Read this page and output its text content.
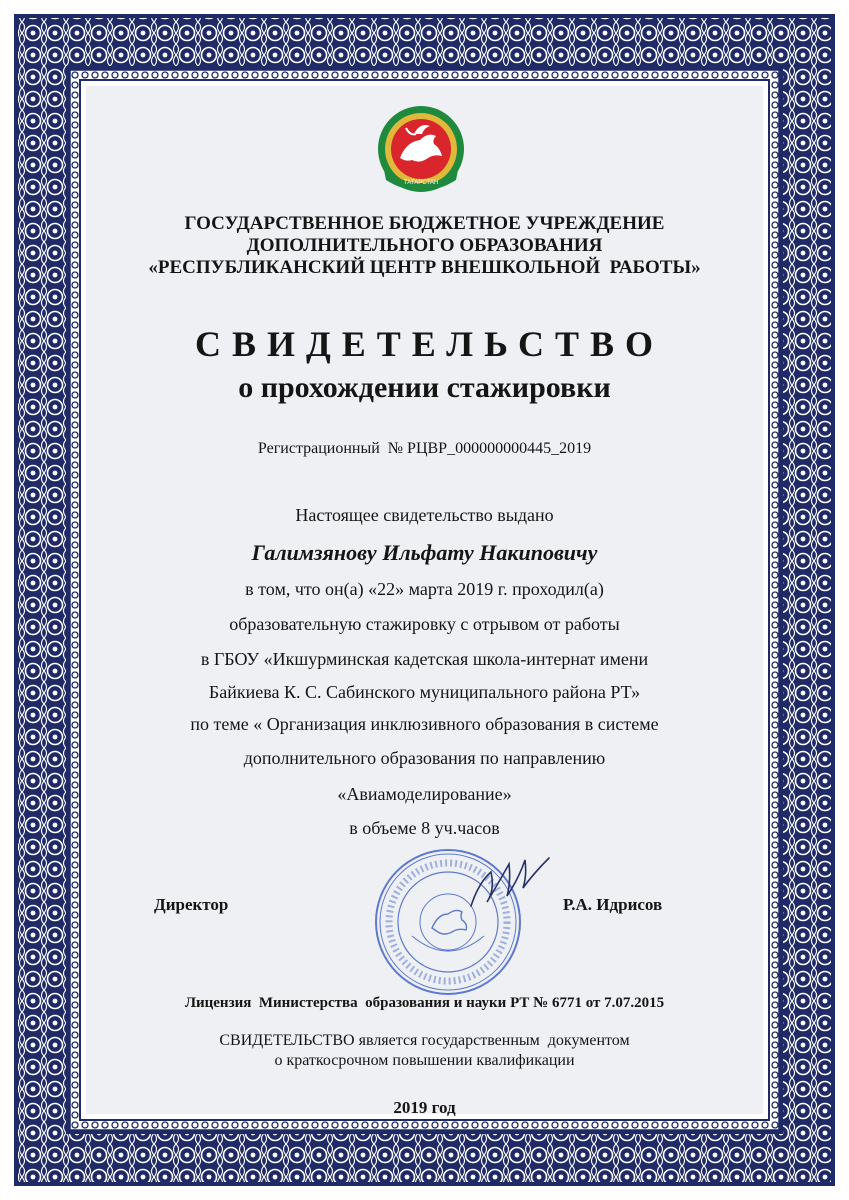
ТАТАРСТАН
ГОСУДАРСТВЕННОЕ БЮДЖЕТНОЕ УЧРЕЖДЕНИЕ
ДОПОЛНИТЕЛЬНОГО ОБРАЗОВАНИЯ
«РЕСПУБЛИКАНСКИЙ ЦЕНТР ВНЕШКОЛЬНОЙ  РАБОТЫ»
СВИДЕТЕЛЬСТВО
о прохождении стажировки
Регистрационный  № РЦВР_000000000445_2019
Настоящее свидетельство выдано
Галимзянову Ильфату Накиповичу
в том, что он(а) «22» марта 2019 г. проходил(а)
образовательную стажировку с отрывом от работы
в ГБОУ «Икшурминская кадетская школа-интернат имени
Байкиева К. С. Сабинского муниципального района РТ»
по теме « Организация инклюзивного образования в системе
дополнительного образования по направлению
«Авиамоделирование»
в объеме 8 уч.часов
Директор	Р.А. Идрисов
Лицензия  Министерства  образования и науки РТ № 6771 от 7.07.2015
СВИДЕТЕЛЬСТВО является государственным  документом
о краткосрочном повышении квалификации
2019 год
